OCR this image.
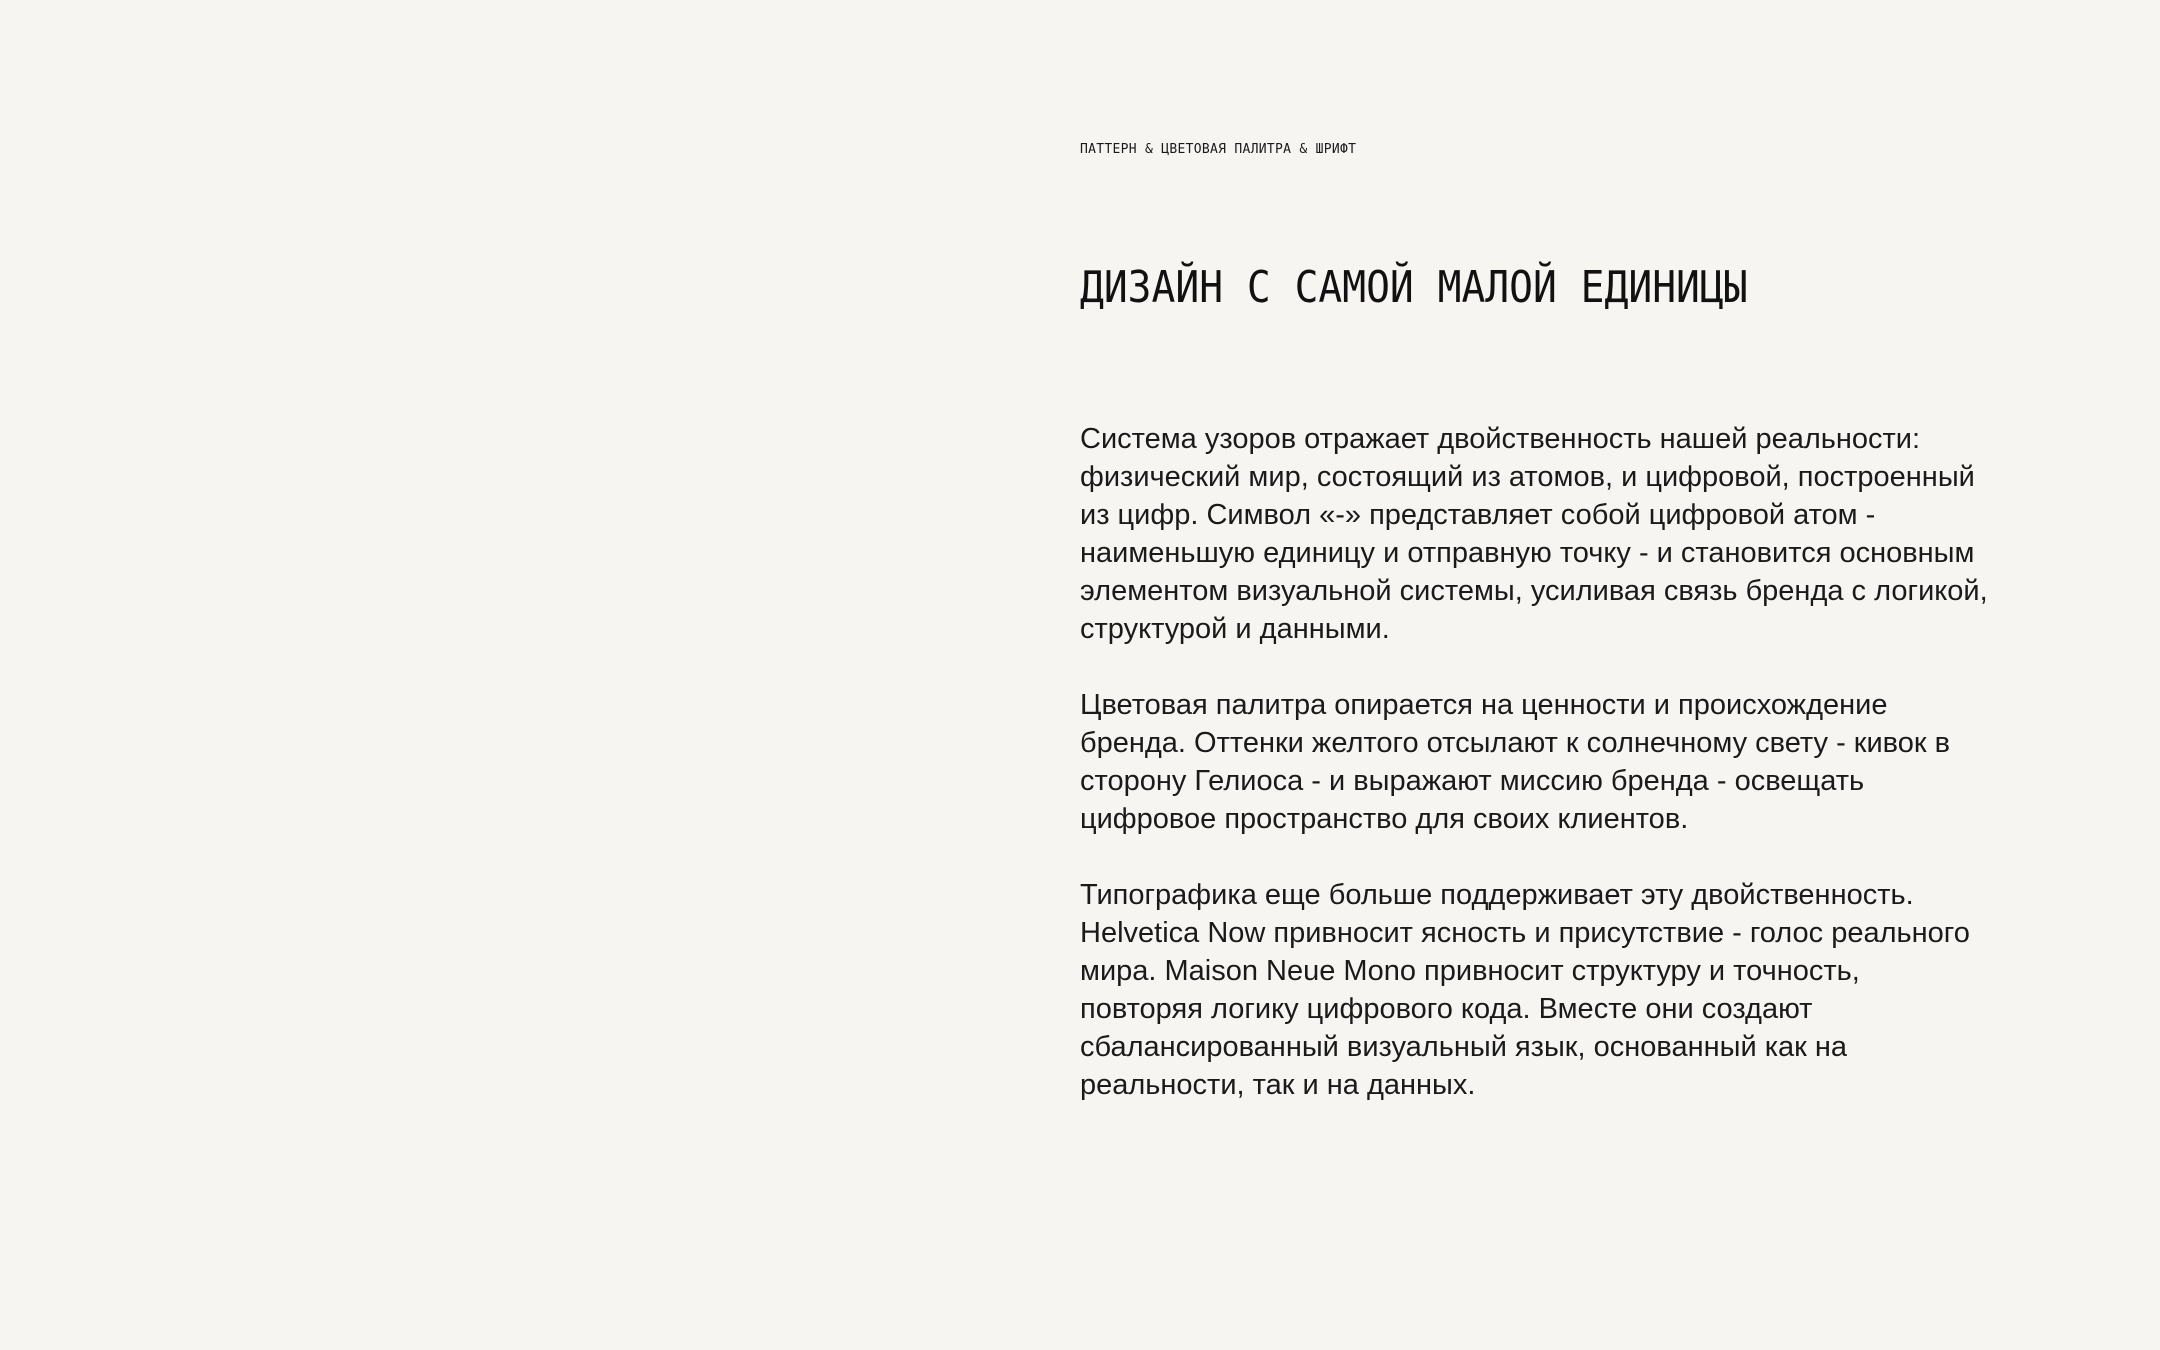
ПАТТЕРН & ЦВЕТОВАЯ ПАЛИТРА & ШРИФТ
ДИЗАЙН С САМОЙ МАЛОЙ ЕДИНИЦЫ

Система узоров отражает двойственность нашей реальности: физический мир, состоящий из атомов, и цифровой, построенный из цифр. Символ «-» представляет собой цифровой атом - наименьшую единицу и отправную точку - и становится основным элементом визуальной системы, усиливая связь бренда с логикой, структурой и данными.

Цветовая палитра опирается на ценности и происхождение бренда. Оттенки желтого отсылают к солнечному свету - кивок в сторону Гелиоса - и выражают миссию бренда - освещать цифровое пространство для своих клиентов.

Типографика еще больше поддерживает эту двойственность. Helvetica Now привносит ясность и присутствие - голос реального мира. Maison Neue Mono привносит структуру и точность, повторяя логику цифрового кода. Вместе они создают сбалансированный визуальный язык, основанный как на реальности, так и на данных.
